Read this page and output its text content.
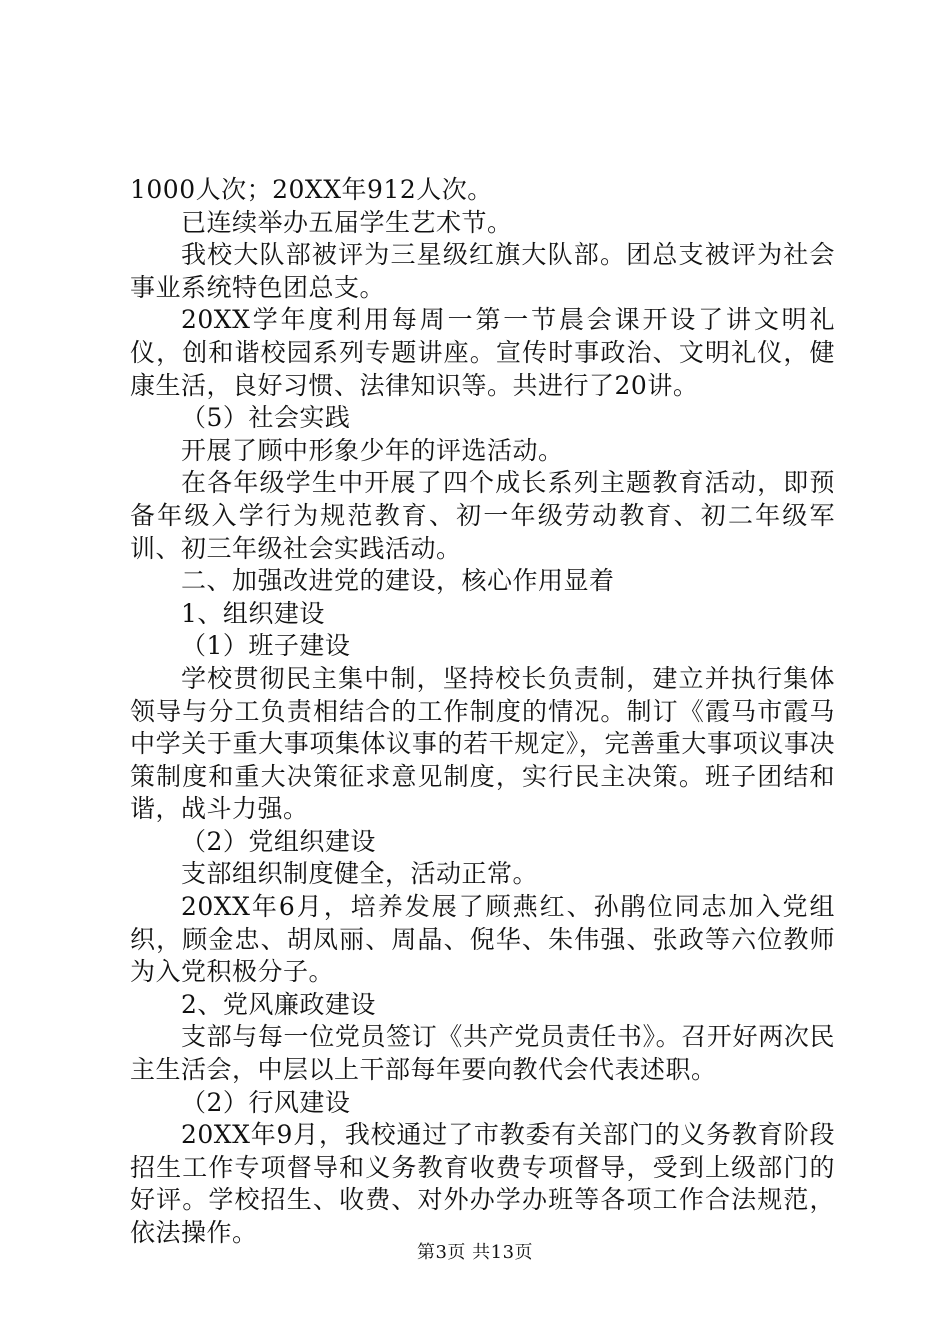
1000人次；20XX年912人次。

已连续举办五届学生艺术节。

我校大队部被评为三星级红旗大队部。团总支被评为社会事业系统特色团总支。

20XX学年度利用每周一第一节晨会课开设了讲文明礼仪，创和谐校园系列专题讲座。宣传时事政治、文明礼仪，健康生活，良好习惯、法律知识等。共进行了20讲。

（5）社会实践

开展了顾中形象少年的评选活动。

在各年级学生中开展了四个成长系列主题教育活动，即预备年级入学行为规范教育、初一年级劳动教育、初二年级军训、初三年级社会实践活动。

二、加强改进党的建设，核心作用显着

1、组织建设

（1）班子建设

学校贯彻民主集中制，坚持校长负责制，建立并执行集体领导与分工负责相结合的工作制度的情况。制订《霞马市霞马中学关于重大事项集体议事的若干规定》，完善重大事项议事决策制度和重大决策征求意见制度，实行民主决策。班子团结和谐，战斗力强。

（2）党组织建设

支部组织制度健全，活动正常。

20XX年6月，培养发展了顾燕红、孙鹃位同志加入党组织，顾金忠、胡凤丽、周晶、倪华、朱伟强、张政等六位教师为入党积极分子。

2、党风廉政建设

支部与每一位党员签订《共产党员责任书》。召开好两次民主生活会，中层以上干部每年要向教代会代表述职。

（2）行风建设

20XX年9月，我校通过了市教委有关部门的义务教育阶段招生工作专项督导和义务教育收费专项督导，受到上级部门的好评。学校招生、收费、对外办学办班等各项工作合法规范，依法操作。

第3页 共13页
